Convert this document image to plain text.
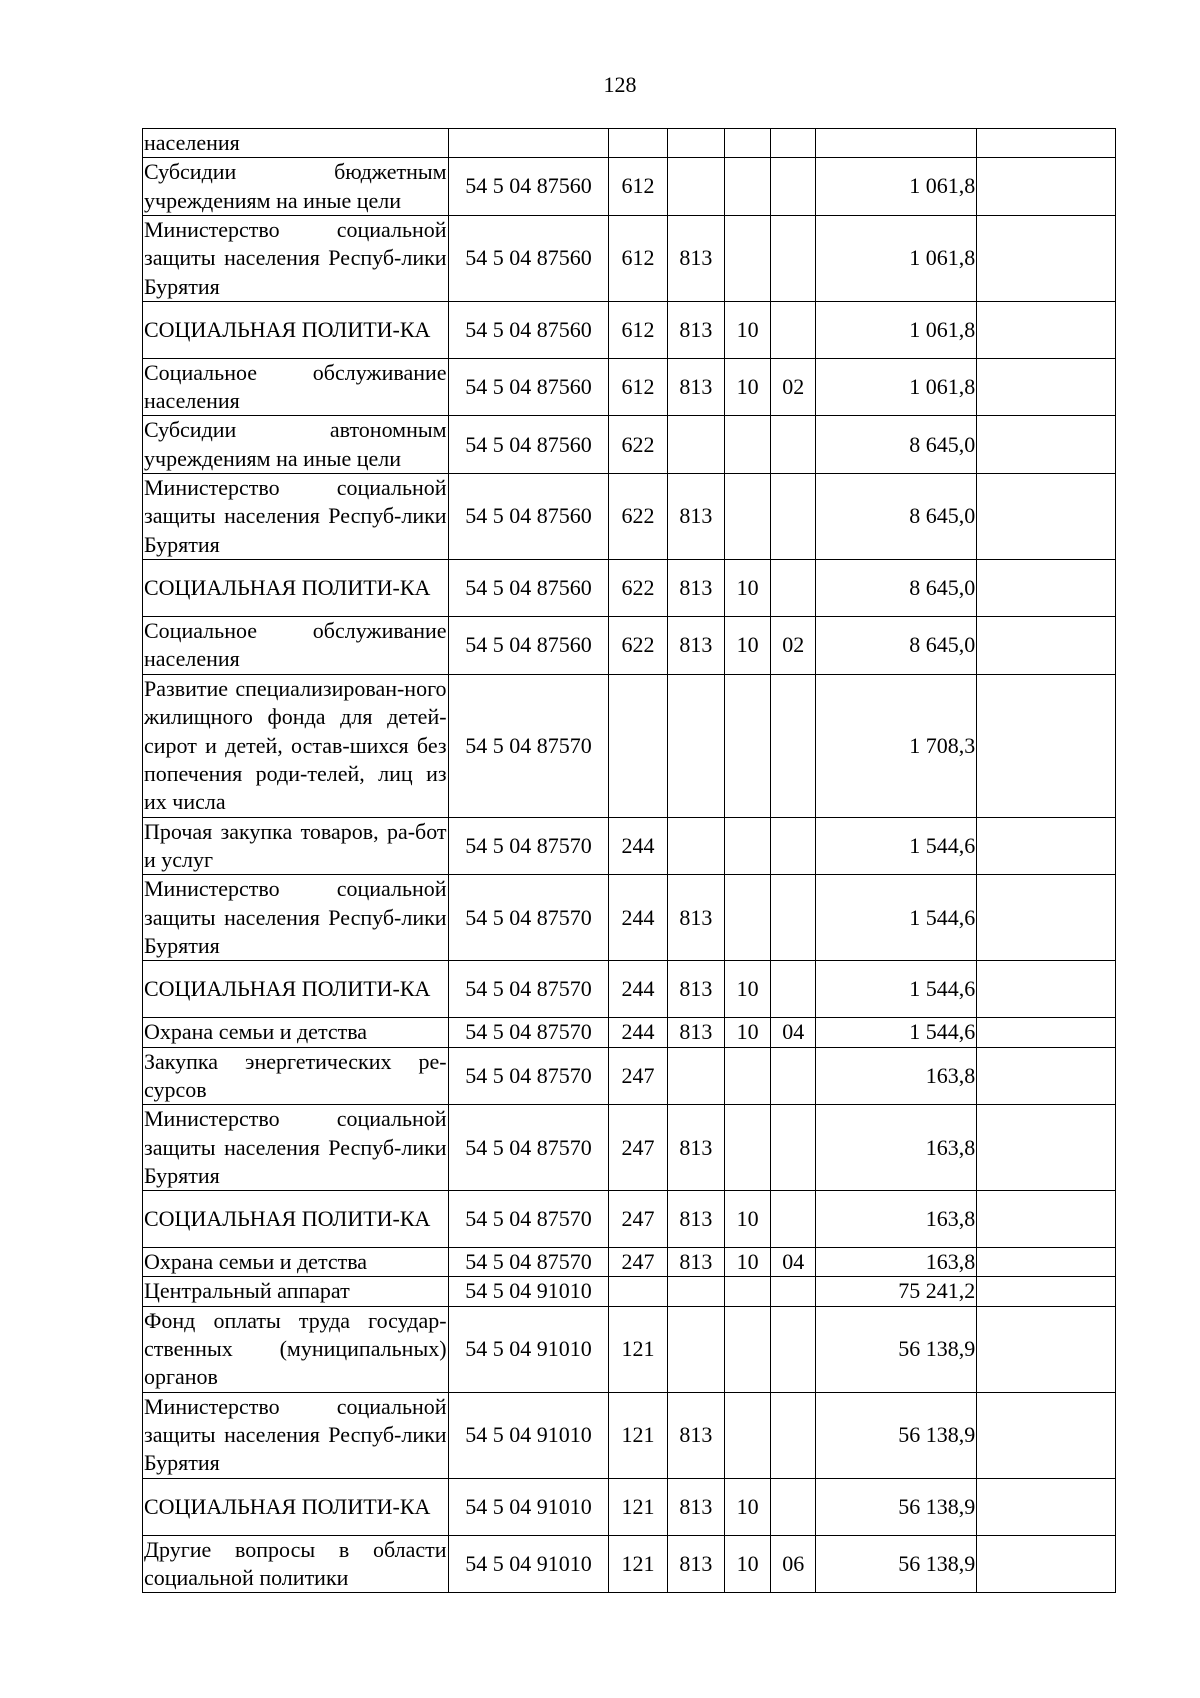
128
населения							
Субсидии бюджетным учреждениям на иные цели	54 5 04 87560	612				1 061,8	
Министерство социальной защиты населения Респуб-лики Бурятия	54 5 04 87560	612	813			1 061,8	
СОЦИАЛЬНАЯ ПОЛИТИ-КА	54 5 04 87560	612	813	10		1 061,8	
Социальное обслуживание населения	54 5 04 87560	612	813	10	02	1 061,8	
Субсидии автономным учреждениям на иные цели	54 5 04 87560	622				8 645,0	
Министерство социальной защиты населения Респуб-лики Бурятия	54 5 04 87560	622	813			8 645,0	
СОЦИАЛЬНАЯ ПОЛИТИ-КА	54 5 04 87560	622	813	10		8 645,0	
Социальное обслуживание населения	54 5 04 87560	622	813	10	02	8 645,0	
Развитие специализирован-ного жилищного фонда для детей-сирот и детей, остав-шихся без попечения роди-телей, лиц из их числа	54 5 04 87570					1 708,3	
Прочая закупка товаров, ра-бот и услуг	54 5 04 87570	244				1 544,6	
Министерство социальной защиты населения Респуб-лики Бурятия	54 5 04 87570	244	813			1 544,6	
СОЦИАЛЬНАЯ ПОЛИТИ-КА	54 5 04 87570	244	813	10		1 544,6	
Охрана семьи и детства	54 5 04 87570	244	813	10	04	1 544,6	
Закупка энергетических ре-сурсов	54 5 04 87570	247				163,8	
Министерство социальной защиты населения Респуб-лики Бурятия	54 5 04 87570	247	813			163,8	
СОЦИАЛЬНАЯ ПОЛИТИ-КА	54 5 04 87570	247	813	10		163,8	
Охрана семьи и детства	54 5 04 87570	247	813	10	04	163,8	
Центральный аппарат	54 5 04 91010					75 241,2	
Фонд оплаты труда государ-ственных (муниципальных) органов	54 5 04 91010	121				56 138,9	
Министерство социальной защиты населения Респуб-лики Бурятия	54 5 04 91010	121	813			56 138,9	
СОЦИАЛЬНАЯ ПОЛИТИ-КА	54 5 04 91010	121	813	10		56 138,9	
Другие вопросы в области социальной политики	54 5 04 91010	121	813	10	06	56 138,9	
